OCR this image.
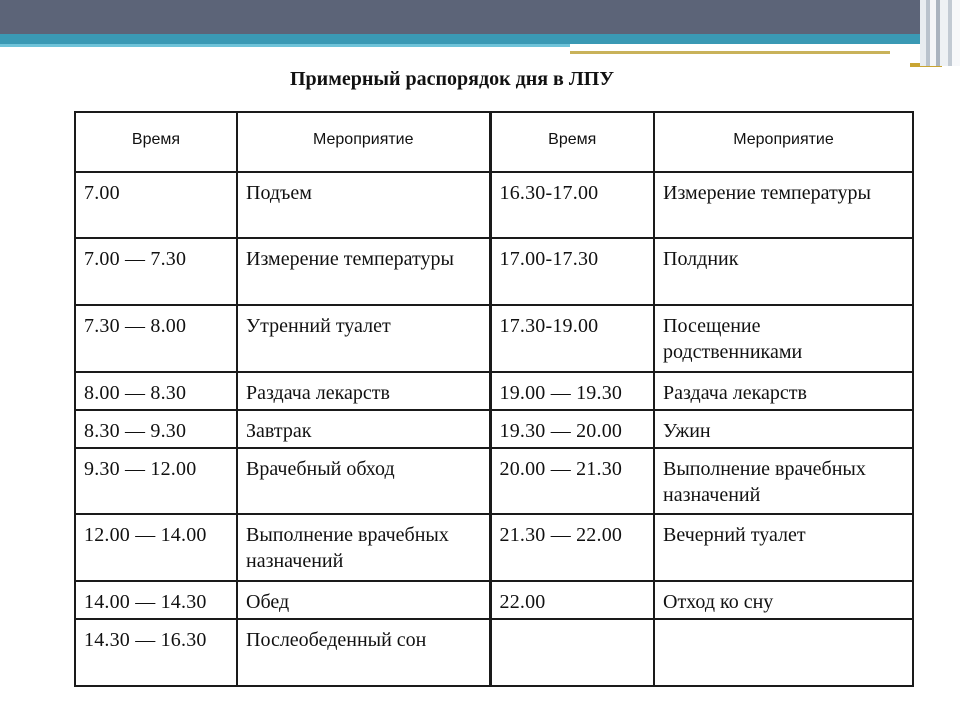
Примерный распорядок дня в ЛПУ
Время	Мероприятие	Время	Мероприятие
7.00	Подъем	16.30-17.00	Измерение температуры
7.00 — 7.30	Измерение температуры	17.00-17.30	Полдник
7.30 — 8.00	Утренний туалет	17.30-19.00	Посещение родственниками
8.00 — 8.30	Раздача лекарств	19.00 — 19.30	Раздача лекарств
8.30 — 9.30	Завтрак	19.30 — 20.00	Ужин
9.30 — 12.00	Врачебный обход	20.00 — 21.30	Выполнение врачебных назначений
12.00 — 14.00	Выполнение врачебных назначений	21.30 — 22.00	Вечерний туалет
14.00 — 14.30	Обед	22.00	Отход ко сну
14.30 — 16.30	Послеобеденный сон		
